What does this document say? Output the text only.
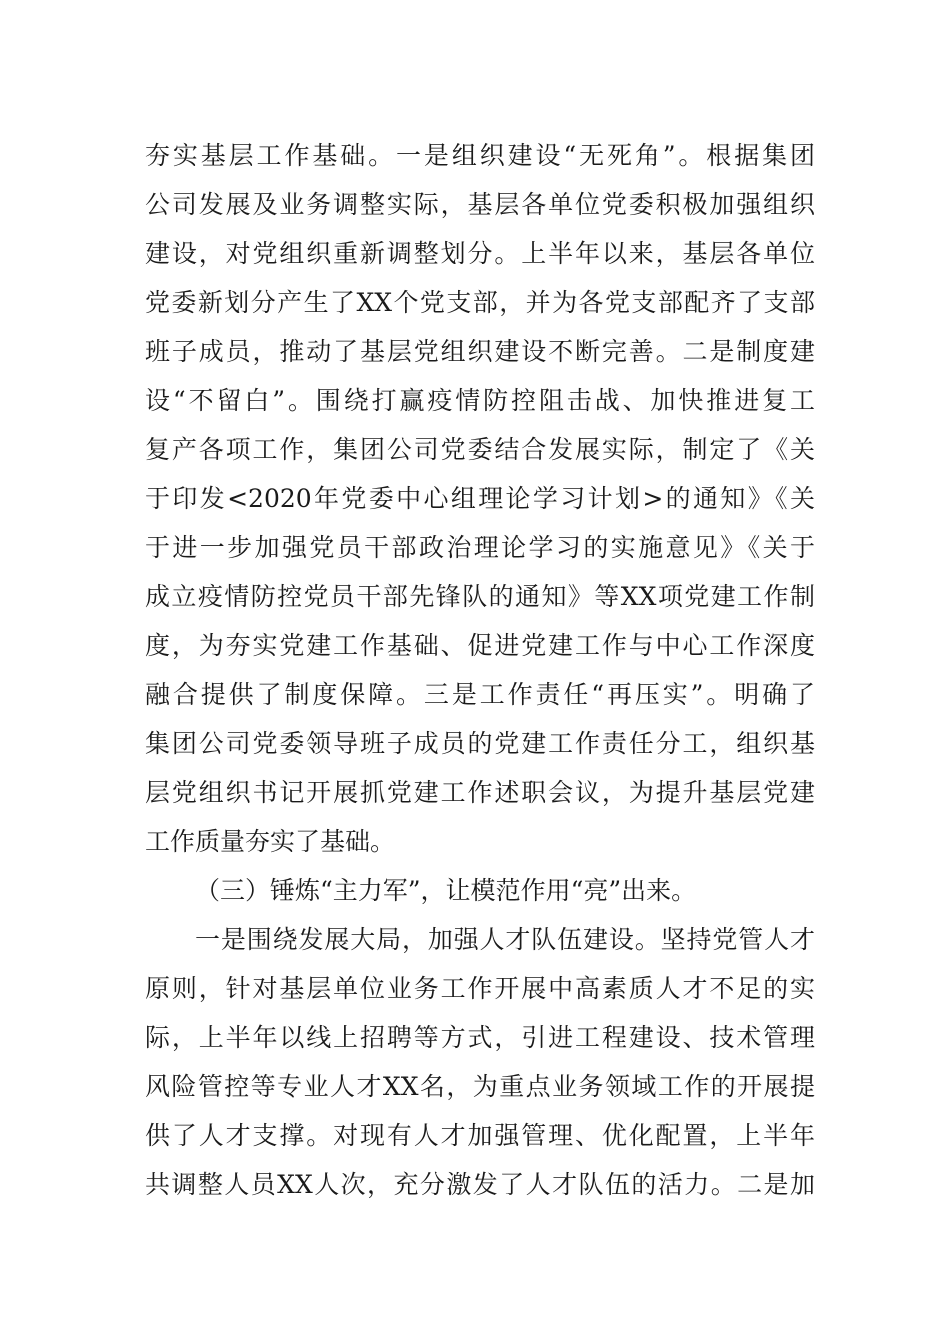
夯实基层工作基础。一是组织建设“无死角”。根据集团
公司发展及业务调整实际，基层各单位党委积极加强组织
建设，对党组织重新调整划分。上半年以来，基层各单位
党委新划分产生了XX个党支部，并为各党支部配齐了支部
班子成员，推动了基层党组织建设不断完善。二是制度建
设“不留白”。围绕打赢疫情防控阻击战、加快推进复工
复产各项工作，集团公司党委结合发展实际，制定了《关
于印发<2020年党委中心组理论学习计划>的通知》《关
于进一步加强党员干部政治理论学习的实施意见》《关于
成立疫情防控党员干部先锋队的通知》等XX项党建工作制
度，为夯实党建工作基础、促进党建工作与中心工作深度
融合提供了制度保障。三是工作责任“再压实”。明确了
集团公司党委领导班子成员的党建工作责任分工，组织基
层党组织书记开展抓党建工作述职会议，为提升基层党建
工作质量夯实了基础。
（三）锤炼“主力军”，让模范作用“亮”出来。
一是围绕发展大局，加强人才队伍建设。坚持党管人才
原则，针对基层单位业务工作开展中高素质人才不足的实
际，上半年以线上招聘等方式，引进工程建设、技术管理
风险管控等专业人才XX名，为重点业务领域工作的开展提
供了人才支撑。对现有人才加强管理、优化配置，上半年
共调整人员XX人次，充分激发了人才队伍的活力。二是加
